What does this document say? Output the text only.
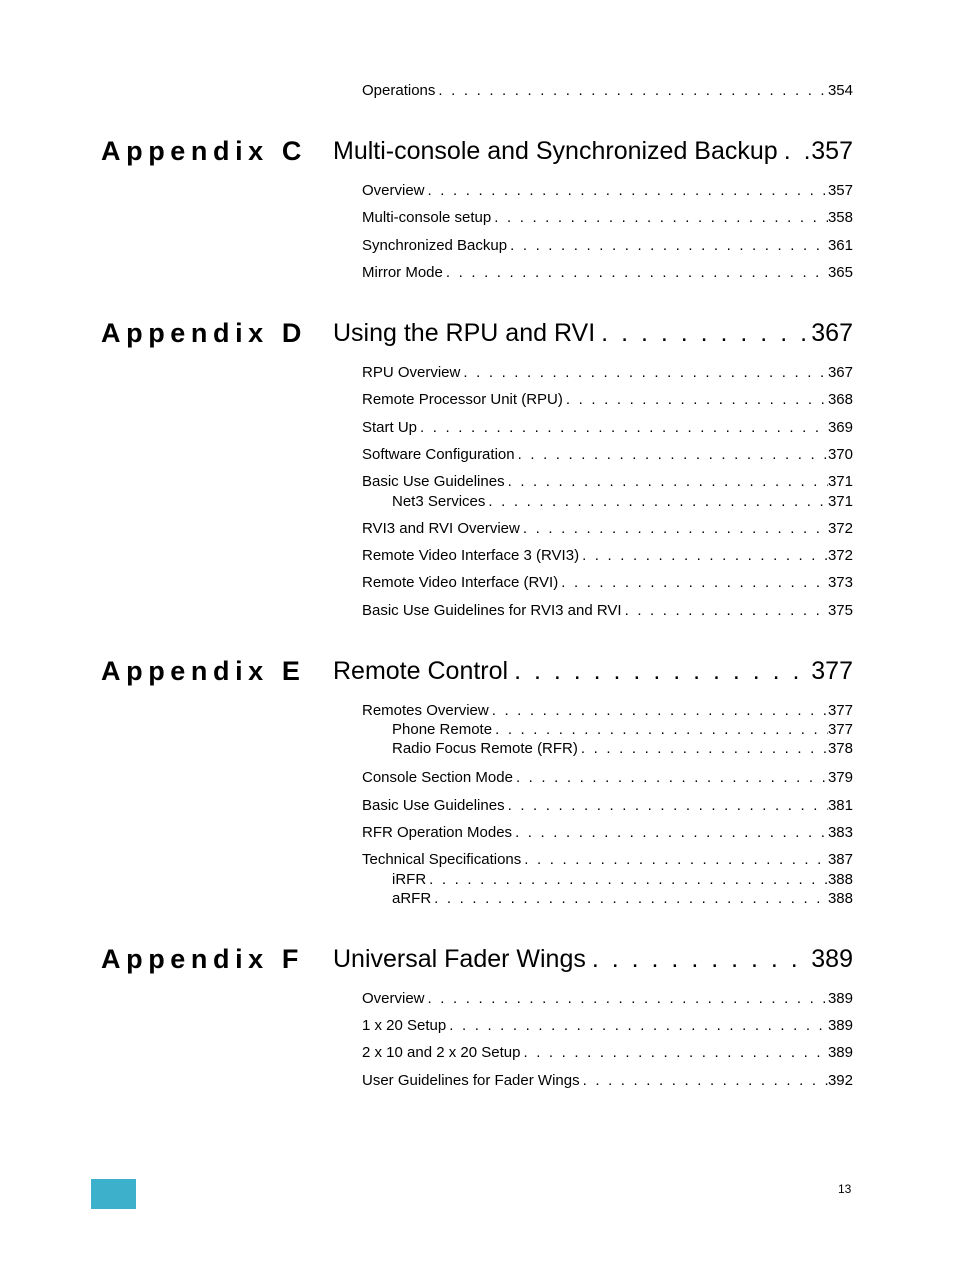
Operations . . .	354
Appendix C Multi-console and Synchronized Backup . . . 357
Overview . . .	357
Multi-console setup . . .	358
Synchronized Backup . . .	361
Mirror Mode . . .	365
Appendix D Using the RPU and RVI . . .	367
RPU Overview . . .	367
Remote Processor Unit (RPU) . . .	368
Start Up . . .	369
Software Configuration . . .	370
Basic Use Guidelines . . .	371
Net3 Services . . .	371
RVI3 and RVI Overview . . .	372
Remote Video Interface 3 (RVI3) . . .	372
Remote Video Interface (RVI) . . .	373
Basic Use Guidelines for RVI3 and RVI . . .	375
Appendix E Remote Control . . .	377
Remotes Overview . . .	377
Phone Remote . . .	377
Radio Focus Remote (RFR) . . .	378
Console Section Mode . . .	379
Basic Use Guidelines . . .	381
RFR Operation Modes . . .	383
Technical Specifications . . .	387
iRFR . . .	388
aRFR . . .	388
Appendix F Universal Fader Wings . . .	389
Overview . . .	389
1 x 20 Setup . . .	389
2 x 10 and 2 x 20 Setup . . .	389
User Guidelines for Fader Wings . . .	392
13
